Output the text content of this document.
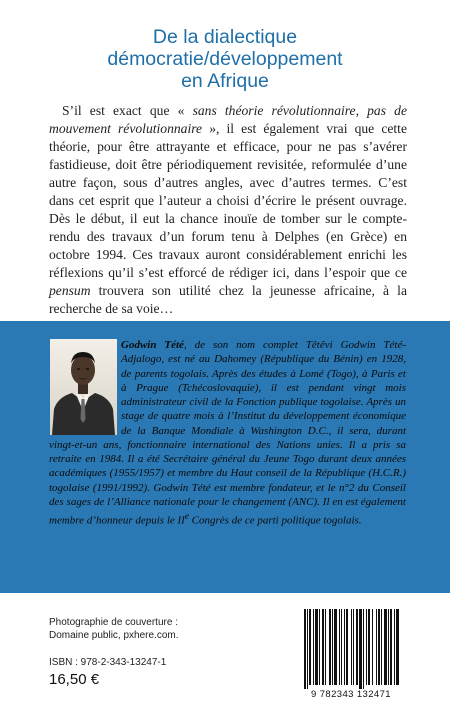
De la dialectique
démocratie/développement
en Afrique

S’il est exact que « sans théorie révolutionnaire, pas de mouvement révolutionnaire », il est également vrai que cette théorie, pour être attrayante et efficace, pour ne pas s’avérer fastidieuse, doit être périodiquement revisitée, reformulée d’une autre façon, sous d’autres angles, avec d’autres termes. C’est dans cet esprit que l’auteur a choisi d’écrire le présent ouvrage. Dès le début, il eut la chance inouïe de tomber sur le compte-rendu des travaux d’un forum tenu à Delphes (en Grèce) en octobre 1994. Ces travaux auront considérablement enrichi les réflexions qu’il s’est efforcé de rédiger ici, dans l’espoir que ce pensum trouvera son utilité chez la jeunesse africaine, à la recherche de sa voie…

Godwin Tété, de son nom complet Têtêvi Godwin Tété-Adjalogo, est né au Dahomey (République du Bénin) en 1928, de parents togolais. Après des études à Lomé (Togo), à Paris et à Prague (Tchécoslovaquie), il est pendant vingt mois administrateur civil de la Fonction publique togolaise. Après un stage de quatre mois à l’Institut du développement économique de la Banque Mondiale à Washington D.C., il sera, durant vingt-et-un ans, fonctionnaire international des Nations unies. Il a pris sa retraite en 1984. Il a été Secrétaire général du Jeune Togo durant deux années académiques (1955/1957) et membre du Haut conseil de la République (H.C.R.) togolaise (1991/1992). Godwin Tété est membre fondateur, et le n°2 du Conseil des sages de l’Alliance nationale pour le changement (ANC). Il en est également membre d’honneur depuis le IIe Congrès de ce parti politique togolais.

Photographie de couverture :
Domaine public, pxhere.com.
ISBN : 978-2-343-13247-1
16,50 €
9 782343 132471
